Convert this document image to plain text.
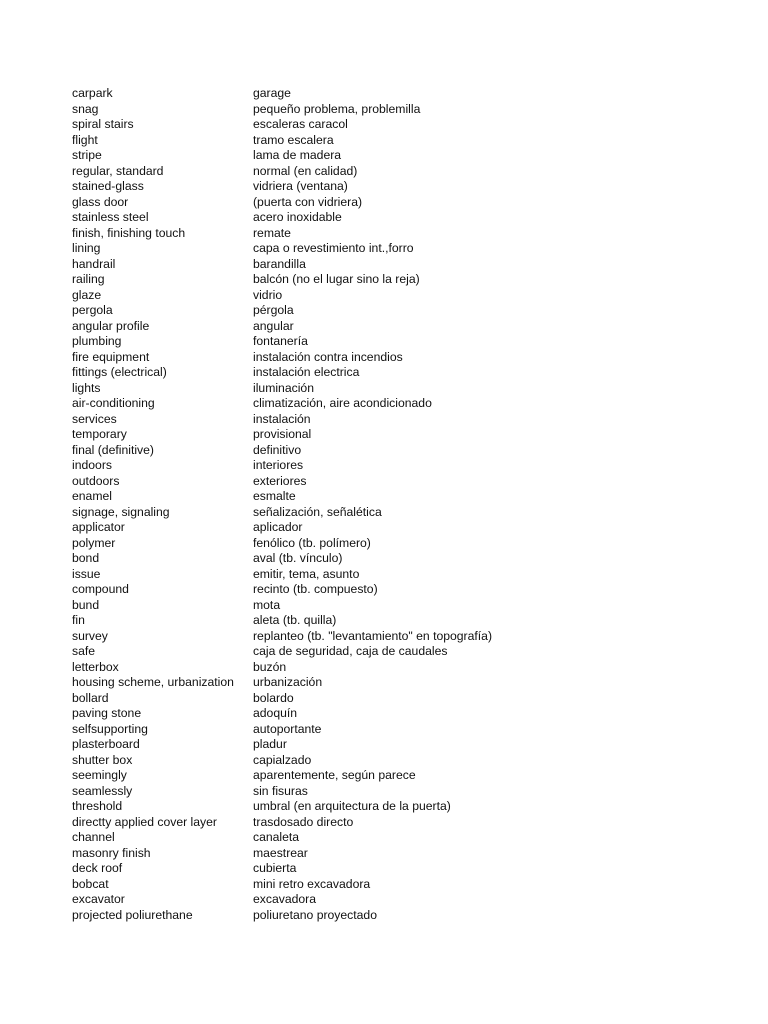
carpark	garage
snag	pequeño problema, problemilla
spiral stairs	escaleras caracol
flight	tramo escalera
stripe	lama de madera
regular, standard	normal (en calidad)
stained-glass	vidriera (ventana)
glass door	(puerta con vidriera)
stainless steel	acero inoxidable
finish, finishing touch	remate
lining	capa o revestimiento int.,forro
handrail	barandilla
railing	balcón (no el lugar sino la reja)
glaze	vidrio
pergola	pérgola
angular profile	angular
plumbing	fontanería
fire equipment	instalación contra incendios
fittings (electrical)	instalación electrica
lights	iluminación
air-conditioning	climatización, aire acondicionado
services	instalación
temporary	provisional
final (definitive)	definitivo
indoors	interiores
outdoors	exteriores
enamel	esmalte
signage, signaling	señalización, señalética
applicator	aplicador
polymer	fenólico (tb. polímero)
bond	aval (tb. vínculo)
issue	emitir, tema, asunto
compound	recinto (tb. compuesto)
bund	mota
fin	aleta (tb. quilla)
survey	replanteo (tb. "levantamiento" en topografía)
safe	caja de seguridad, caja de caudales
letterbox	buzón
housing scheme, urbanization	urbanización
bollard	bolardo
paving stone	adoquín
selfsupporting	autoportante
plasterboard	pladur
shutter box	capialzado
seemingly	aparentemente, según parece
seamlessly	sin fisuras
threshold	umbral (en arquitectura de la puerta)
directty applied cover layer	trasdosado directo
channel	canaleta
masonry finish	maestrear
deck roof	cubierta
bobcat	mini retro excavadora
excavator	excavadora
projected poliurethane	poliuretano proyectado
